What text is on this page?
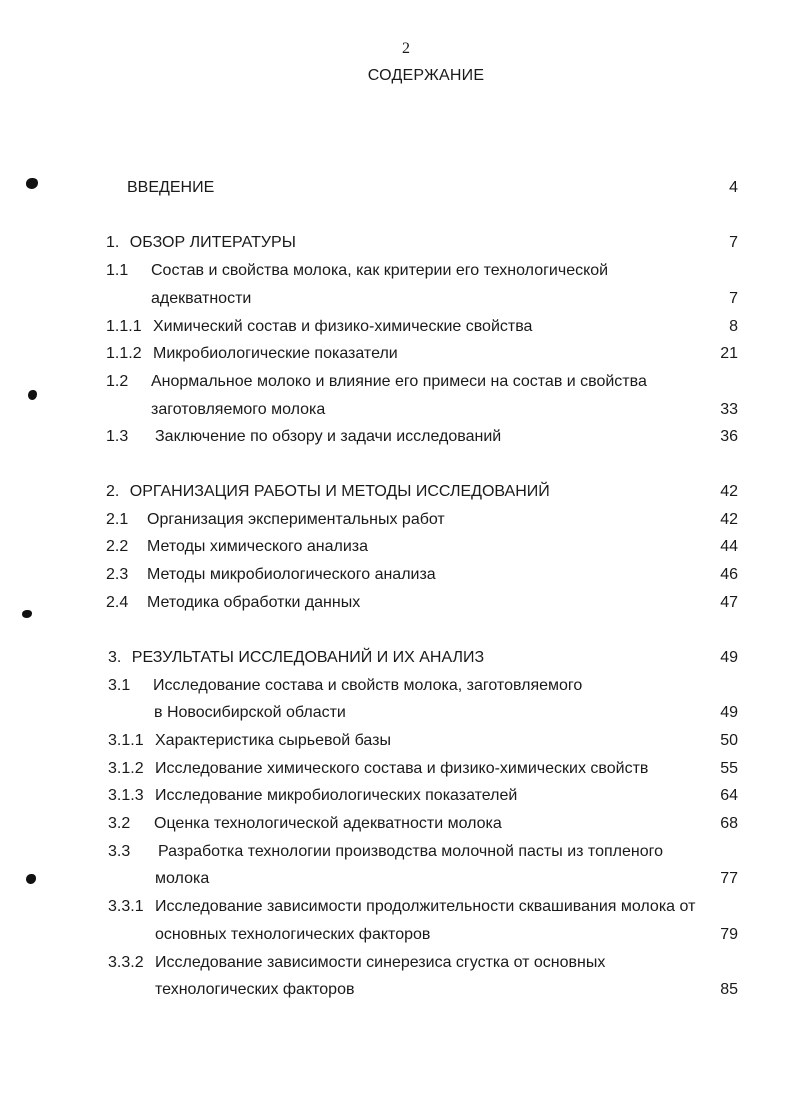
2
СОДЕРЖАНИЕ
ВВЕДЕНИЕ	4
1. ОБЗОР ЛИТЕРАТУРЫ	7
1.1 Состав и свойства молока, как критерии его технологической
адекватности	7
1.1.1 Химический состав и физико-химические свойства	8
1.1.2 Микробиологические показатели	21
1.2 Анормальное молоко и влияние его примеси на состав и свойства
заготовляемого молока	33
1.3 Заключение по обзору и задачи исследований	36
2. ОРГАНИЗАЦИЯ РАБОТЫ И МЕТОДЫ ИССЛЕДОВАНИЙ	42
2.1 Организация экспериментальных работ	42
2.2 Методы химического анализа	44
2.3 Методы микробиологического анализа	46
2.4 Методика обработки данных	47
3. РЕЗУЛЬТАТЫ ИССЛЕДОВАНИЙ И ИХ АНАЛИЗ	49
3.1 Исследование состава и свойств молока, заготовляемого
в Новосибирской области	49
3.1.1 Характеристика сырьевой базы	50
3.1.2 Исследование химического состава и физико-химических свойств	55
3.1.3 Исследование микробиологических показателей	64
3.2 Оценка технологической адекватности молока	68
3.3 Разработка технологии производства молочной пасты из топленого
молока	77
3.3.1 Исследование зависимости продолжительности сквашивания молока от
основных технологических факторов	79
3.3.2 Исследование зависимости синерезиса сгустка от основных
технологических факторов	85
